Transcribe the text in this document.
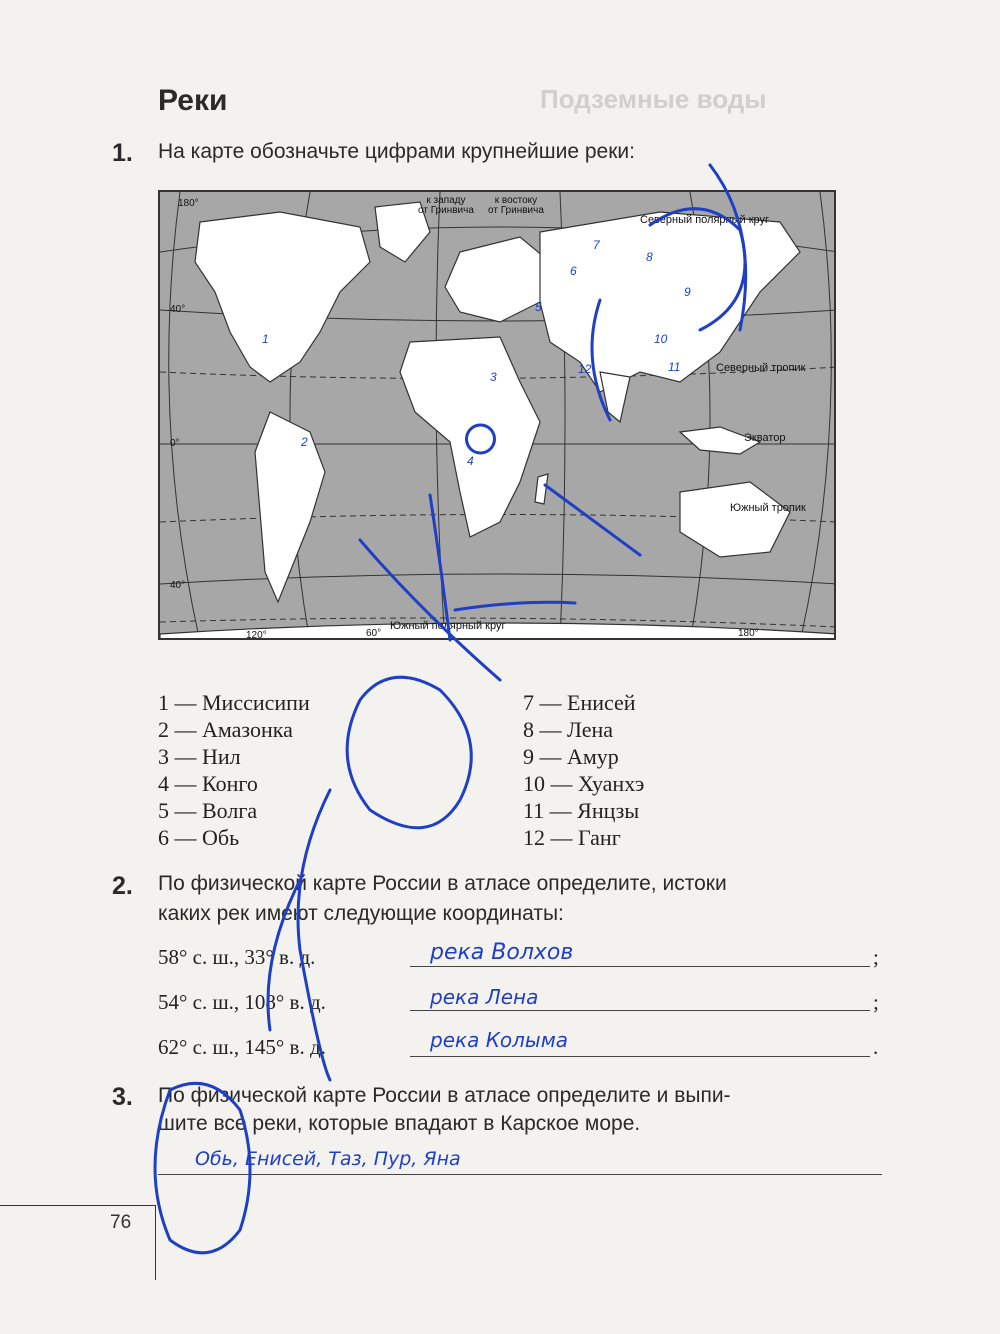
Подземные воды
Реки
1. На карте обозначьте цифрами крупнейшие реки:
180°	к западу
от Гринвича
к востоку
от Гринвича
Северный полярный круг
40°
Северный тропик
0°	Экватор
Южный тропик
40°
120°	60°
Южный полярный круг
180°
1
2
3
4
5
6
7
8
9
10
11
12
1 — Миссисипи
2 — Амазонка
3 — Нил
4 — Конго
5 — Волга
6 — Обь
7 — Енисей
8 — Лена
9 — Амур
10 — Хуанхэ
11 — Янцзы
12 — Ганг
2. По физической карте России в атласе определите, истоки
каких рек имеют следующие координаты:
58° с. ш., 33° в. д.	река Волхов	;
54° с. ш., 108° в. д.	река Лена	;
62° с. ш., 145° в. д.	река Колыма	.
3. По физической карте России в атласе определите и выпи-
шите все реки, которые впадают в Карское море.
Обь, Енисей, Таз, Пур, Яна
76
